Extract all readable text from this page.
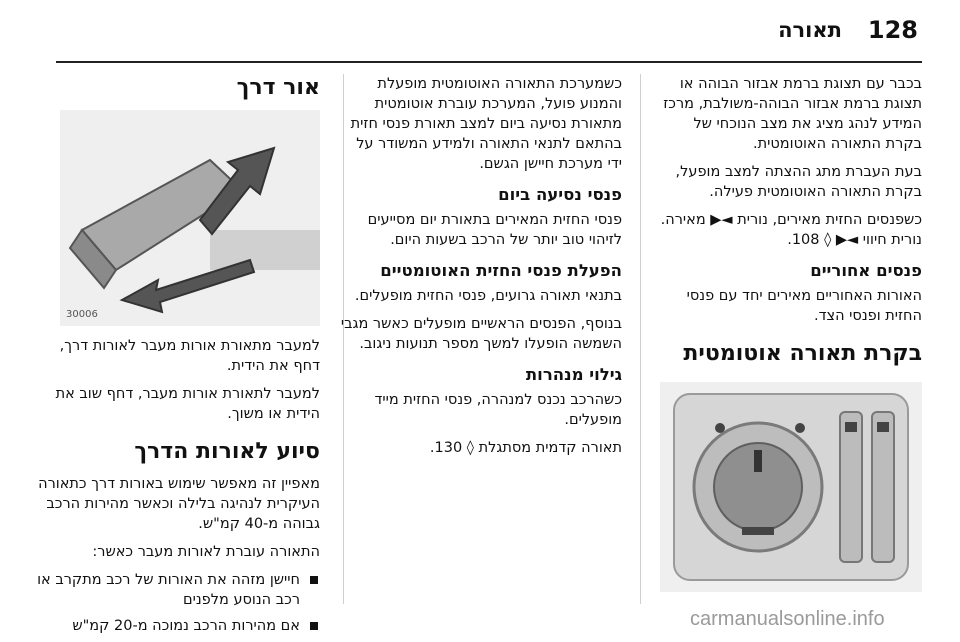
128
תאורה

בכבר עם תצוגת ברמת אבזור הבוהה או תצוגת ברמת אבזור הבוהה-משולבת, מרכז המידע לנהג מציג את מצב הנוכחי של בקרת התאורה האוטומטית.

בעת העברת מתג ההצתה למצב מופעל, בקרת התאורה האוטומטית פעילה.

כשפנסים החזית מאירים, נורית ◄▶ מאירה. נורית חיווי ◄▶ ◊ 108.

פנסים אחוריים

האורות האחוריים מאירים יחד עם פנסי החזית ופנסי הצד.

בקרת תאורה אוטומטית

כשמערכת התאורה האוטומטית מופעלת והמנוע פועל, המערכת עוברת אוטומטית מתאורת נסיעה ביום למצב תאורת פנסי חזית בהתאם לתנאי התאורה ולמידע המשודר על ידי מערכת חיישן הגשם.

פנסי נסיעה ביום

פנסי החזית המאירים בתאורת יום מסייעים לזיהוי טוב יותר של הרכב בשעות היום.

הפעלת פנסי החזית האוטומטיים

בתנאי תאורה גרועים, פנסי החזית מופעלים.

בנוסף, הפנסים הראשיים מופעלים כאשר מגבי השמשה הופעלו למשך מספר תנועות ניגוב.

גילוי מנהרות

כשהרכב נכנס למנהרה, פנסי החזית מייד מופעלים.

תאורה קדמית מסתגלת ◊ 130.

אור דרך
30006

למעבר מתאורת אורות מעבר לאורות דרך, דחף את הידית.

למעבר לתאורת אורות מעבר, דחף שוב את הידית או משוך.

סיוע לאורות הדרך

מאפיין זה מאפשר שימוש באורות דרך כתאורה העיקרית לנהיגה בלילה וכאשר מהירות הרכב גבוהה מ-40 קמ"ש.

התאורה עוברת לאורות מעבר כאשר:

חיישן מזהה את האורות של רכב מתקרב או רכב הנוסע מלפנים
אם מהירות הרכב נמוכה מ-20 קמ"ש	carmanualsonline.info
